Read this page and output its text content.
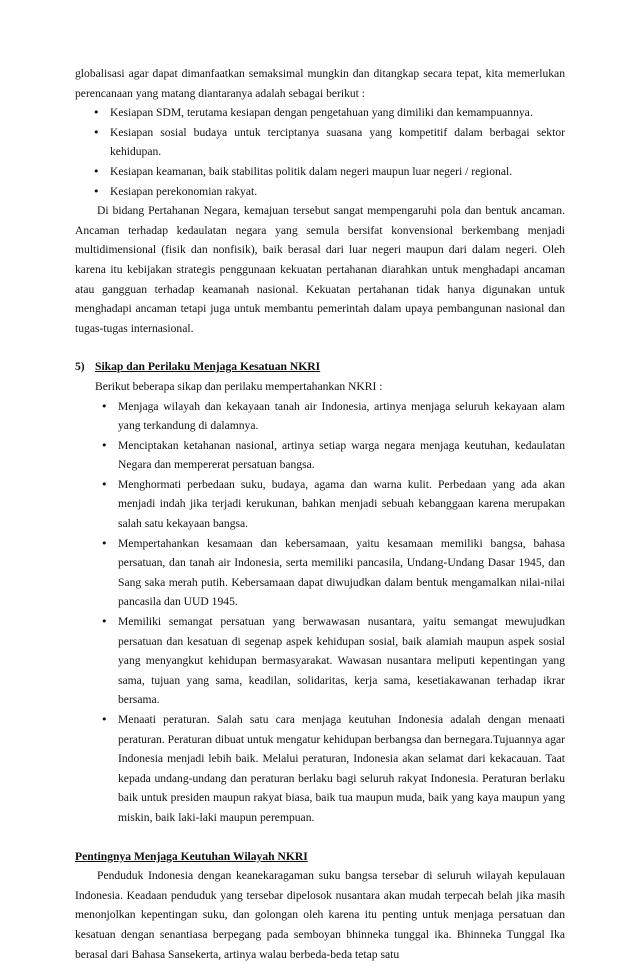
globalisasi agar dapat dimanfaatkan semaksimal mungkin dan ditangkap secara tepat, kita memerlukan perencanaan yang matang diantaranya adalah sebagai berikut :

• Kesiapan SDM, terutama kesiapan dengan pengetahuan yang dimiliki dan kemampuannya.
• Kesiapan sosial budaya untuk terciptanya suasana yang kompetitif dalam berbagai sektor kehidupan.
• Kesiapan keamanan, baik stabilitas politik dalam negeri maupun luar negeri / regional.
• Kesiapan perekonomian rakyat.

Di bidang Pertahanan Negara, kemajuan tersebut sangat mempengaruhi pola dan bentuk ancaman. Ancaman terhadap kedaulatan negara yang semula bersifat konvensional berkembang menjadi multidimensional (fisik dan nonfisik), baik berasal dari luar negeri maupun dari dalam negeri. Oleh karena itu kebijakan strategis penggunaan kekuatan pertahanan diarahkan untuk menghadapi ancaman atau gangguan terhadap keamanah nasional. Kekuatan pertahanan tidak hanya digunakan untuk menghadapi ancaman tetapi juga untuk membantu pemerintah dalam upaya pembangunan nasional dan tugas-tugas internasional.

5) Sikap dan Perilaku Menjaga Kesatuan NKRI

Berikut beberapa sikap dan perilaku mempertahankan NKRI :

• Menjaga wilayah dan kekayaan tanah air Indonesia, artinya menjaga seluruh kekayaan alam yang terkandung di dalamnya.
• Menciptakan ketahanan nasional, artinya setiap warga negara menjaga keutuhan, kedaulatan Negara dan mempererat persatuan bangsa.
• Menghormati perbedaan suku, budaya, agama dan warna kulit. Perbedaan yang ada akan menjadi indah jika terjadi kerukunan, bahkan menjadi sebuah kebanggaan karena merupakan salah satu kekayaan bangsa.
• Mempertahankan kesamaan dan kebersamaan, yaitu kesamaan memiliki bangsa, bahasa persatuan, dan tanah air Indonesia, serta memiliki pancasila, Undang-Undang Dasar 1945, dan Sang saka merah putih. Kebersamaan dapat diwujudkan dalam bentuk mengamalkan nilai-nilai pancasila dan UUD 1945.
• Memiliki semangat persatuan yang berwawasan nusantara, yaitu semangat mewujudkan persatuan dan kesatuan di segenap aspek kehidupan sosial, baik alamiah maupun aspek sosial yang menyangkut kehidupan bermasyarakat. Wawasan nusantara meliputi kepentingan yang sama, tujuan yang sama, keadilan, solidaritas, kerja sama, kesetiakawanan terhadap ikrar bersama.
• Menaati peraturan. Salah satu cara menjaga keutuhan Indonesia adalah dengan menaati peraturan. Peraturan dibuat untuk mengatur kehidupan berbangsa dan bernegara.Tujuannya agar Indonesia menjadi lebih baik. Melalui peraturan, Indonesia akan selamat dari kekacauan. Taat kepada undang-undang dan peraturan berlaku bagi seluruh rakyat Indonesia. Peraturan berlaku baik untuk presiden maupun rakyat biasa, baik tua maupun muda, baik yang kaya maupun yang miskin, baik laki-laki maupun perempuan.
Pentingnya Menjaga Keutuhan Wilayah NKRI

Penduduk Indonesia dengan keanekaragaman suku bangsa tersebar di seluruh wilayah kepulauan Indonesia. Keadaan penduduk yang tersebar dipelosok nusantara akan mudah terpecah belah jika masih menonjolkan kepentingan suku, dan golongan oleh karena itu penting untuk menjaga persatuan dan kesatuan dengan senantiasa berpegang pada semboyan bhinneka tunggal ika. Bhinneka Tunggal Ika berasal dari Bahasa Sansekerta, artinya walau berbeda-beda tetap satu
